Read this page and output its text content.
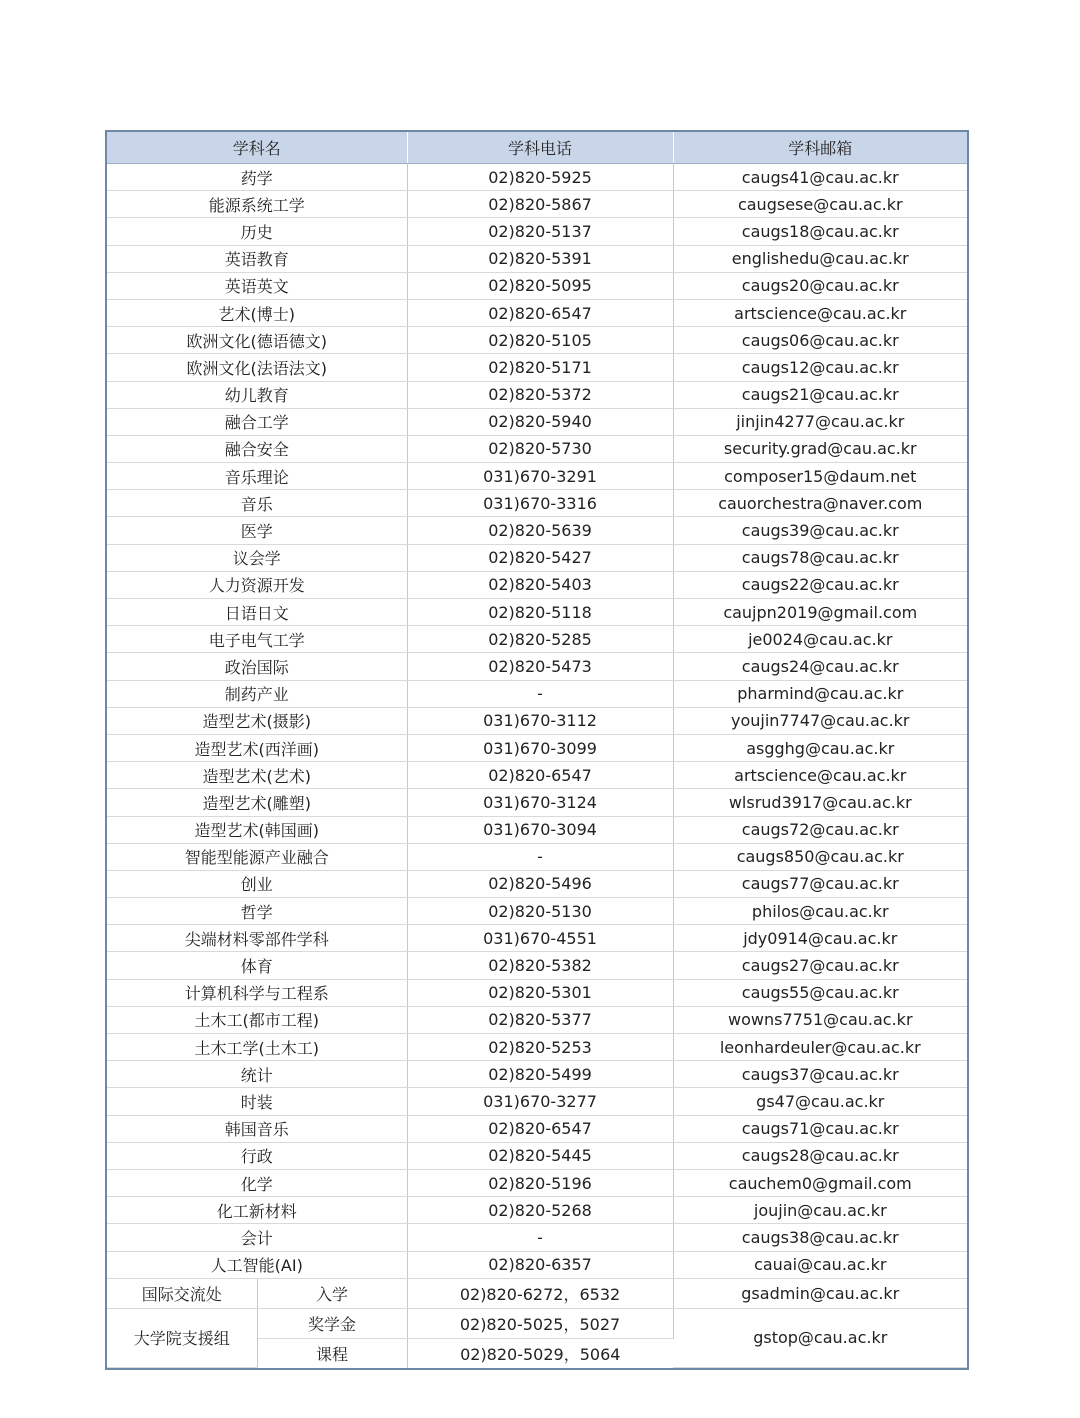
学科名		学科电话	学科邮箱
药学		02)820-5925	caugs41@cau.ac.kr
能源系统工学		02)820-5867	caugsese@cau.ac.kr
历史		02)820-5137	caugs18@cau.ac.kr
英语教育		02)820-5391	englishedu@cau.ac.kr
英语英文		02)820-5095	caugs20@cau.ac.kr
艺术(博士)		02)820-6547	artscience@cau.ac.kr
欧洲文化(德语德文)		02)820-5105	caugs06@cau.ac.kr
欧洲文化(法语法文)		02)820-5171	caugs12@cau.ac.kr
幼儿教育		02)820-5372	caugs21@cau.ac.kr
融合工学		02)820-5940	jinjin4277@cau.ac.kr
融合安全		02)820-5730	security.grad@cau.ac.kr
音乐理论		031)670-3291	composer15@daum.net
音乐		031)670-3316	cauorchestra@naver.com
医学		02)820-5639	caugs39@cau.ac.kr
议会学		02)820-5427	caugs78@cau.ac.kr
人力资源开发		02)820-5403	caugs22@cau.ac.kr
日语日文		02)820-5118	caujpn2019@gmail.com
电子电气工学		02)820-5285	je0024@cau.ac.kr
政治国际		02)820-5473	caugs24@cau.ac.kr
制药产业		-	pharmind@cau.ac.kr
造型艺术(摄影)		031)670-3112	youjin7747@cau.ac.kr
造型艺术(西洋画)		031)670-3099	asgghg@cau.ac.kr
造型艺术(艺术)		02)820-6547	artscience@cau.ac.kr
造型艺术(雕塑)		031)670-3124	wlsrud3917@cau.ac.kr
造型艺术(韩国画)		031)670-3094	caugs72@cau.ac.kr
智能型能源产业融合		-	caugs850@cau.ac.kr
创业		02)820-5496	caugs77@cau.ac.kr
哲学		02)820-5130	philos@cau.ac.kr
尖端材料零部件学科		031)670-4551	jdy0914@cau.ac.kr
体育		02)820-5382	caugs27@cau.ac.kr
计算机科学与工程系		02)820-5301	caugs55@cau.ac.kr
土木工(都市工程)		02)820-5377	wowns7751@cau.ac.kr
土木工学(土木工)		02)820-5253	leonhardeuler@cau.ac.kr
统计		02)820-5499	caugs37@cau.ac.kr
时装		031)670-3277	gs47@cau.ac.kr
韩国音乐		02)820-6547	caugs71@cau.ac.kr
行政		02)820-5445	caugs28@cau.ac.kr
化学		02)820-5196	cauchem0@gmail.com
化工新材料		02)820-5268	joujin@cau.ac.kr
会计		-	caugs38@cau.ac.kr
人工智能(AI)		02)820-6357	cauai@cau.ac.kr
国际交流处	入学	02)820-6272，6532	gsadmin@cau.ac.kr
大学院支援组	奖学金	02)820-5025，5027	gstop@cau.ac.kr
	课程	02)820-5029，5064	
